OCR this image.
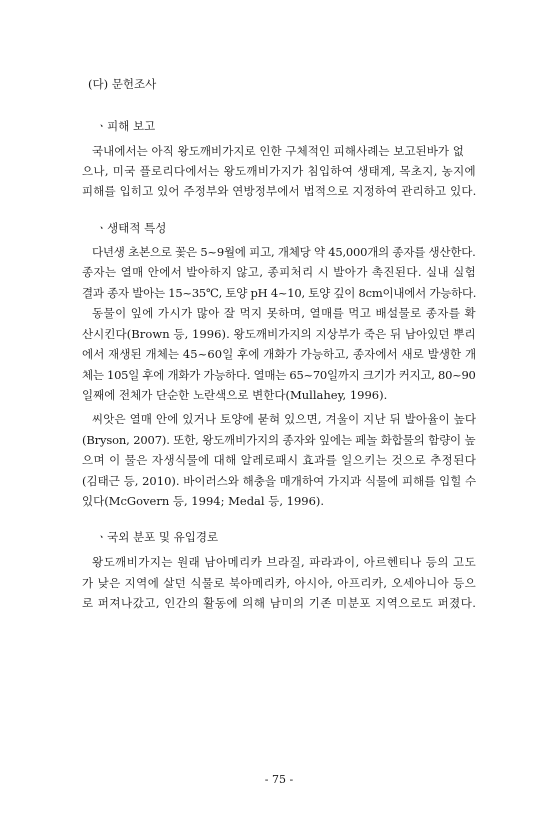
(다) 문헌조사
ㆍ피해 보고
국내에서는 아직 왕도깨비가지로 인한 구체적인 피해사례는 보고된바가 없
으나, 미국 플로리다에서는 왕도깨비가지가 침입하여 생태계, 목초지, 농지에
피해를 입히고 있어 주정부와 연방정부에서 법적으로 지정하여 관리하고 있다.
ㆍ생태적 특성
다년생 초본으로 꽃은 5~9월에 피고, 개체당 약 45,000개의 종자를 생산한다.
종자는 열매 안에서 발아하지 않고, 종피처리 시 발아가 촉진된다. 실내 실험
결과 종자 발아는 15~35℃, 토양 pH 4~10, 토양 깊이 8cm이내에서 가능하다.
동물이 잎에 가시가 많아 잘 먹지 못하며, 열매를 먹고 배설물로 종자를 확
산시킨다(Brown 등, 1996). 왕도깨비가지의 지상부가 죽은 뒤 남아있던 뿌리
에서 재생된 개체는 45~60일 후에 개화가 가능하고, 종자에서 새로 발생한 개
체는 105일 후에 개화가 가능하다. 열매는 65~70일까지 크기가 커지고, 80~90
일째에 전체가 단순한 노란색으로 변한다(Mullahey, 1996).
씨앗은 열매 안에 있거나 토양에 묻혀 있으면, 겨울이 지난 뒤 발아율이 높다
(Bryson, 2007). 또한, 왕도깨비가지의 종자와 잎에는 페놀 화합물의 함량이 높
으며 이 물은 자생식물에 대해 알레로패시 효과를 일으키는 것으로 추정된다
(김태근 등, 2010). 바이러스와 해충을 매개하여 가지과 식물에 피해를 입힐 수
있다(McGovern 등, 1994; Medal 등, 1996).
ㆍ국외 분포 및 유입경로
왕도깨비가지는 원래 남아메리카 브라질, 파라과이, 아르헨티나 등의 고도
가 낮은 지역에 살던 식물로 북아메리카, 아시아, 아프리카, 오세아니아 등으
로 퍼져나갔고, 인간의 활동에 의해 남미의 기존 미분포 지역으로도 퍼졌다.
- 75 -
